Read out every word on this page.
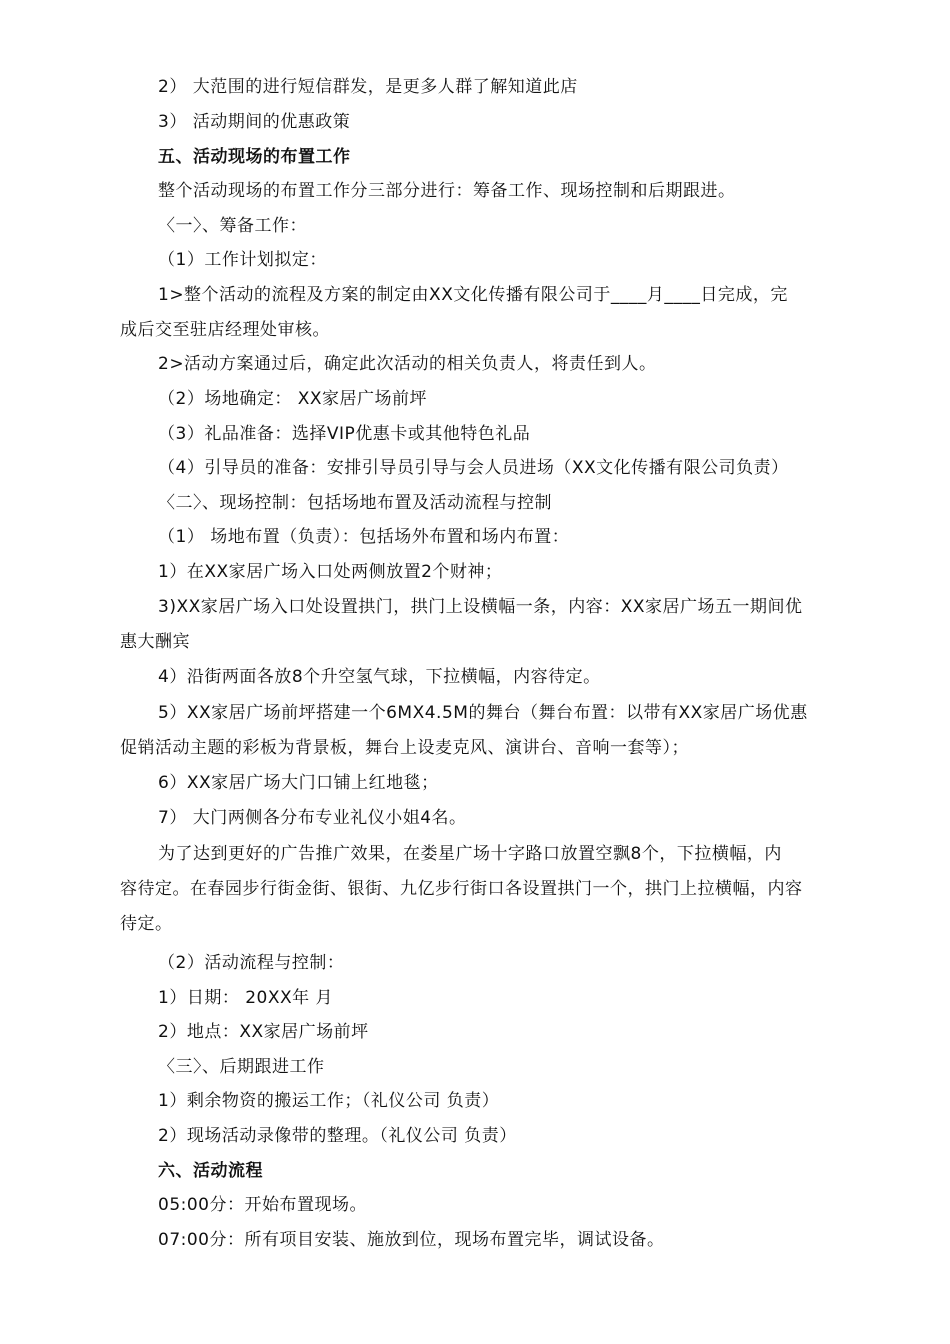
2） 大范围的进行短信群发，是更多人群了解知道此店
3） 活动期间的优惠政策
五、活动现场的布置工作
整个活动现场的布置工作分三部分进行：筹备工作、现场控制和后期跟进。
〈一〉、筹备工作：
（1）工作计划拟定：
1>整个活动的流程及方案的制定由XX文化传播有限公司于____月____日完成，完
成后交至驻店经理处审核。
2>活动方案通过后，确定此次活动的相关负责人，将责任到人。
（2）场地确定： XX家居广场前坪
（3）礼品准备：选择VIP优惠卡或其他特色礼品
（4）引导员的准备：安排引导员引导与会人员进场（XX文化传播有限公司负责）
〈二〉、现场控制：包括场地布置及活动流程与控制
（1） 场地布置（负责）：包括场外布置和场内布置：
1）在XX家居广场入口处两侧放置2个财神；
3)XX家居广场入口处设置拱门，拱门上设横幅一条，内容：XX家居广场五一期间优
惠大酬宾
4）沿街两面各放8个升空氢气球，下拉横幅，内容待定。
5）XX家居广场前坪搭建一个6MX4.5M的舞台（舞台布置：以带有XX家居广场优惠
促销活动主题的彩板为背景板，舞台上设麦克风、演讲台、音响一套等）；
6）XX家居广场大门口铺上红地毯；
7） 大门两侧各分布专业礼仪小姐4名。
为了达到更好的广告推广效果，在娄星广场十字路口放置空飘8个，下拉横幅，内
容待定。在春园步行街金街、银街、九亿步行街口各设置拱门一个，拱门上拉横幅，内容
待定。
（2）活动流程与控制：
1）日期： 20XX年 月
2）地点：XX家居广场前坪
〈三〉、后期跟进工作
1）剩余物资的搬运工作；（礼仪公司 负责）
2）现场活动录像带的整理。（礼仪公司 负责）
六、活动流程
05:00分：开始布置现场。
07:00分：所有项目安装、施放到位，现场布置完毕，调试设备。
